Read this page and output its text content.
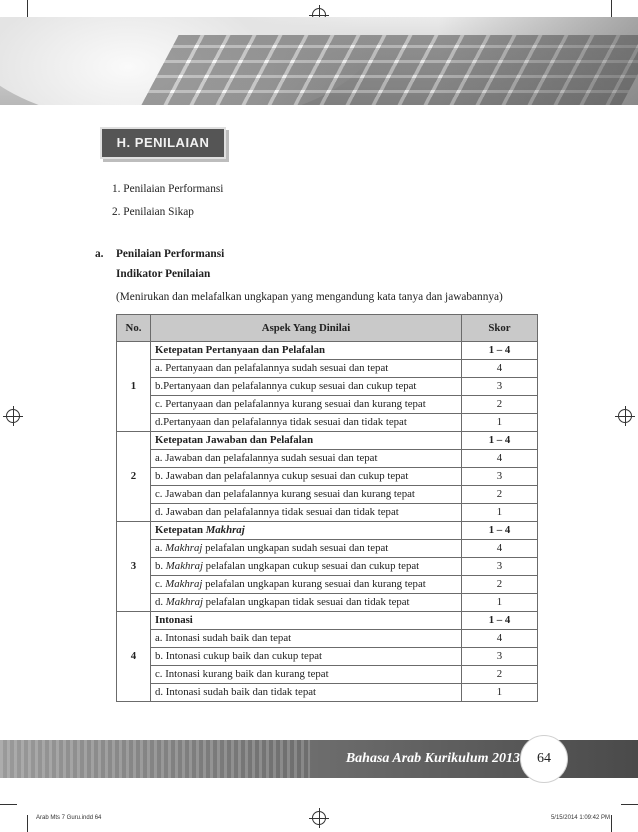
H. PENILAIAN
1. Penilaian Performansi
2. Penilaian Sikap
a. Penilaian Performansi
Indikator Penilaian
(Menirukan dan melafalkan ungkapan yang mengandung kata tanya dan jawabannya)
No.	Aspek Yang Dinilai	Skor
1	Ketepatan Pertanyaan dan Pelafalan	1 – 4
	a. Pertanyaan dan pelafalannya sudah sesuai dan tepat	4
	b.Pertanyaan dan pelafalannya cukup sesuai dan cukup tepat	3
	c. Pertanyaan dan pelafalannya kurang sesuai dan kurang tepat	2
	d.Pertanyaan dan pelafalannya tidak sesuai dan tidak tepat	1
2	Ketepatan Jawaban dan Pelafalan	1 – 4
	a. Jawaban dan pelafalannya sudah sesuai dan tepat	4
	b. Jawaban dan pelafalannya cukup sesuai dan cukup tepat	3
	c. Jawaban dan pelafalannya kurang sesuai dan kurang tepat	2
	d. Jawaban dan pelafalannya tidak sesuai dan tidak tepat	1
3	Ketepatan Makhraj	1 – 4
	a. Makhraj pelafalan ungkapan sudah sesuai dan tepat	4
	b. Makhraj pelafalan ungkapan cukup sesuai dan cukup tepat	3
	c. Makhraj pelafalan ungkapan kurang sesuai dan kurang tepat	2
	d. Makhraj pelafalan ungkapan tidak sesuai dan tidak tepat	1
4	Intonasi	1 – 4
	a. Intonasi sudah baik dan tepat	4
	b. Intonasi cukup baik dan cukup tepat	3
	c. Intonasi kurang baik dan kurang tepat	2
	d. Intonasi sudah baik dan tidak tepat	1
Bahasa Arab Kurikulum 2013	64
Arab Mts 7 Guru.indd 64	5/15/2014 1:09:42 PM
